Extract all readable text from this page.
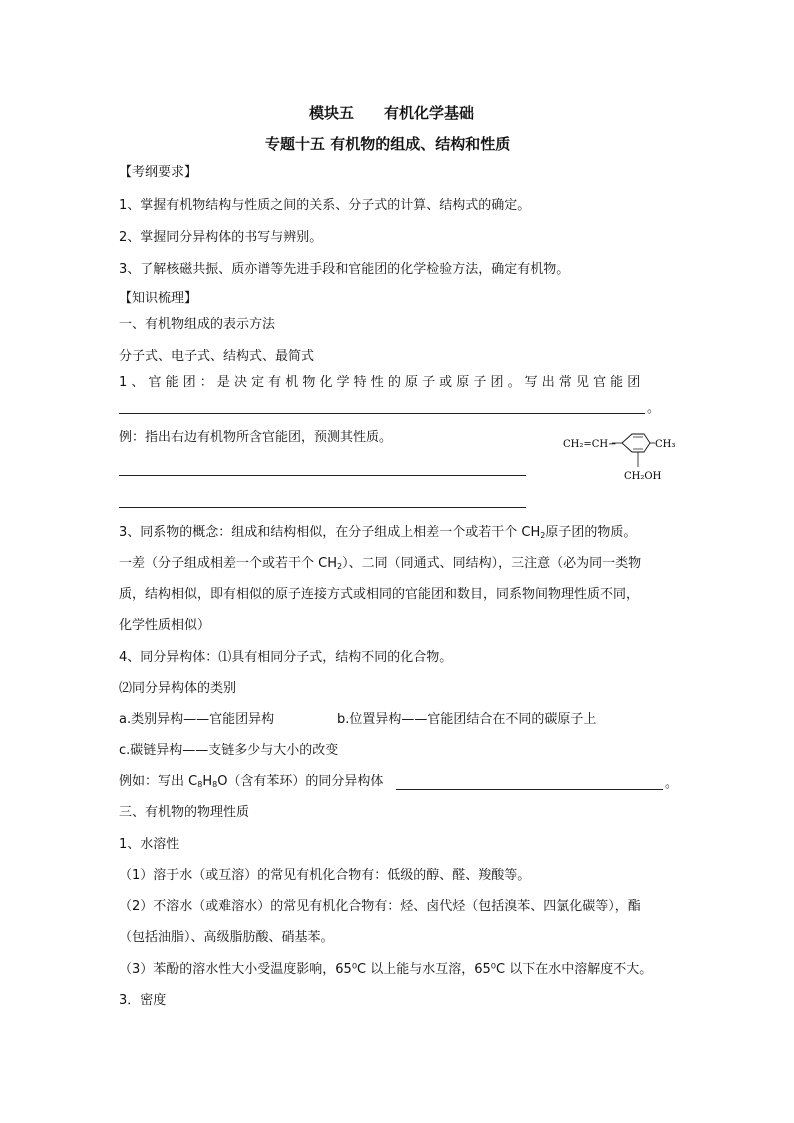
模块五　　有机化学基础
专题十五 有机物的组成、结构和性质
【考纲要求】
1、掌握有机物结构与性质之间的关系、分子式的计算、结构式的确定。
2、掌握同分异构体的书写与辨别。
3、了解核磁共振、质亦谱等先进手段和官能团的化学检验方法，确定有机物。
【知识梳理】
一、有机物组成的表示方法
分子式、电子式、结构式、最简式
1、官能团：是决定有机物化学特性的原子或原子团。写出常见官能团
。
例：指出右边有机物所含官能团，预测其性质。	CH₂=CH−	CH₃
CH₂OH
3、同系物的概念：组成和结构相似，在分子组成上相差一个或若干个 $CH_2$原子团的物质。
一差（分子组成相差一个或若干个 $CH_2$）、二同（同通式、同结构），三注意（必为同一类物
质，结构相似，即有相似的原子连接方式或相同的官能团和数目，同系物间物理性质不同，
化学性质相似）
4、同分异构体：⑴具有相同分子式，结构不同的化合物。
⑵同分异构体的类别
a.类别异构——官能团异构	b.位置异构——官能团结合在不同的碳原子上
c.碳链异构——支链多少与大小的改变
例如：写出 $C_8H_8O$（含有苯环）的同分异构体	。
三、有机物的物理性质
1、水溶性
（1）溶于水（或互溶）的常见有机化合物有：低级的醇、醛、羧酸等。
（2）不溶水（或难溶水）的常见有机化合物有：烃、卤代烃（包括溴苯、四氯化碳等），酯
（包括油脂）、高级脂肪酸、硝基苯。
（3）苯酚的溶水性大小受温度影响，65⁰C 以上能与水互溶，65⁰C 以下在水中溶解度不大。
3．密度
